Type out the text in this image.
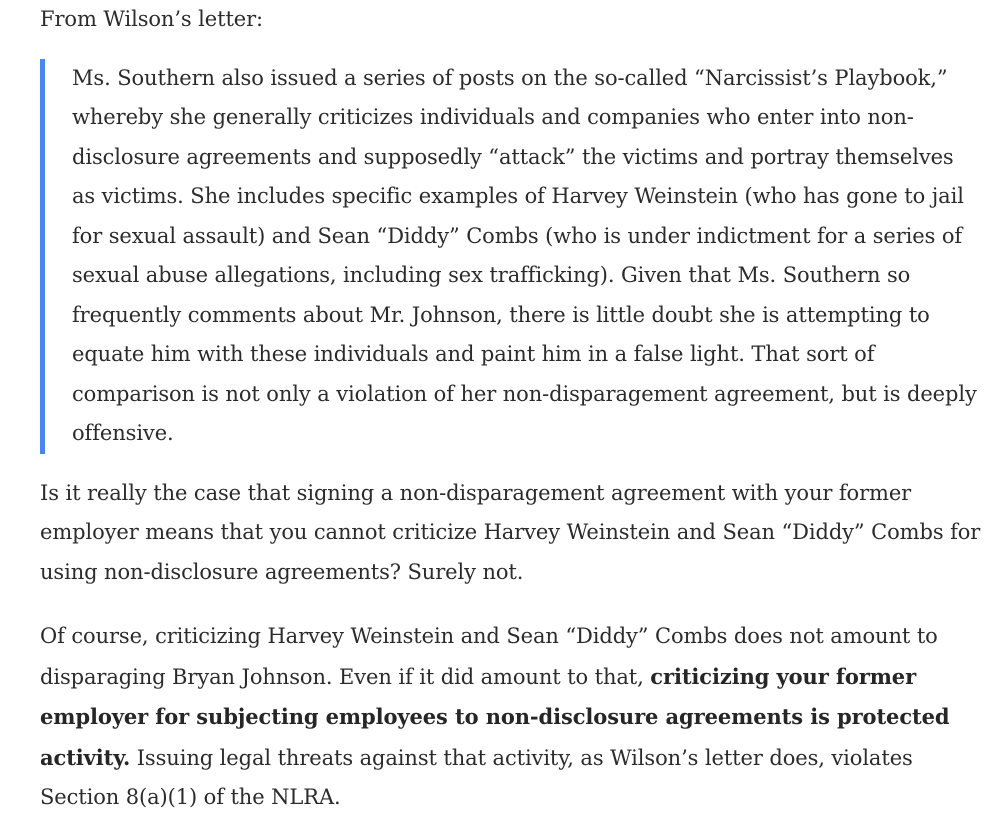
From Wilson’s letter:

Ms. Southern also issued a series of posts on the so-called “Narcissist’s Playbook,” whereby she generally criticizes individuals and companies who enter into non-disclosure agreements and supposedly “attack” the victims and portray themselves as victims. She includes specific examples of Harvey Weinstein (who has gone to jail for sexual assault) and Sean “Diddy” Combs (who is under indictment for a series of sexual abuse allegations, including sex trafficking). Given that Ms. Southern so frequently comments about Mr. Johnson, there is little doubt she is attempting to equate him with these individuals and paint him in a false light. That sort of comparison is not only a violation of her non-disparagement agreement, but is deeply offensive.

Is it really the case that signing a non-disparagement agreement with your former employer means that you cannot criticize Harvey Weinstein and Sean “Diddy” Combs for using non-disclosure agreements? Surely not.

Of course, criticizing Harvey Weinstein and Sean “Diddy” Combs does not amount to disparaging Bryan Johnson. Even if it did amount to that, criticizing your former employer for subjecting employees to non-disclosure agreements is protected activity. Issuing legal threats against that activity, as Wilson’s letter does, violates Section 8(a)(1) of the NLRA.
